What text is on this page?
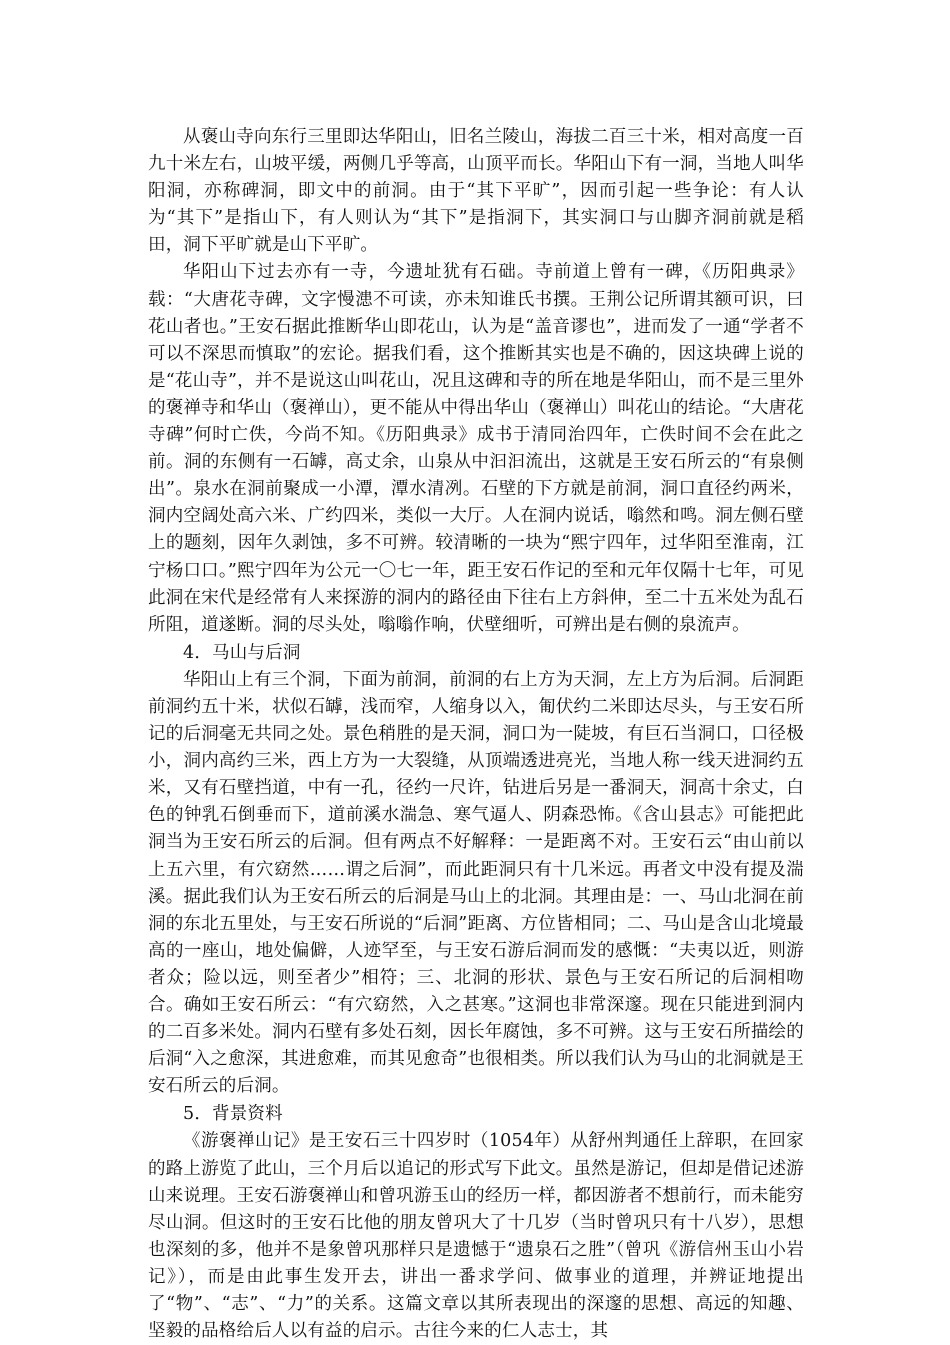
从褒山寺向东行三里即达华阳山，旧名兰陵山，海拔二百三十米，相对高度一百九十米左右，山坡平缓，两侧几乎等高，山顶平而长。华阳山下有一洞，当地人叫华阳洞，亦称碑洞，即文中的前洞。由于“其下平旷”，因而引起一些争论：有人认为“其下”是指山下，有人则认为“其下”是指洞下，其实洞口与山脚齐洞前就是稻田，洞下平旷就是山下平旷。

华阳山下过去亦有一寺，今遗址犹有石础。寺前道上曾有一碑，《历阳典录》载：“大唐花寺碑，文字慢漶不可读，亦未知谁氏书撰。王荆公记所谓其额可识，曰花山者也。”王安石据此推断华山即花山，认为是“盖音谬也”，进而发了一通“学者不可以不深思而慎取”的宏论。据我们看，这个推断其实也是不确的，因这块碑上说的是“花山寺”，并不是说这山叫花山，况且这碑和寺的所在地是华阳山，而不是三里外的褒禅寺和华山（褒禅山），更不能从中得出华山（褒禅山）叫花山的结论。“大唐花寺碑”何时亡佚，今尚不知。《历阳典录》成书于清同治四年，亡佚时间不会在此之前。洞的东侧有一石罅，高丈余，山泉从中汩汩流出，这就是王安石所云的“有泉侧出”。泉水在洞前聚成一小潭，潭水清冽。石壁的下方就是前洞，洞口直径约两米，洞内空阔处高六米、广约四米，类似一大厅。人在洞内说话，嗡然和鸣。洞左侧石壁上的题刻，因年久剥蚀，多不可辨。较清晰的一块为“熙宁四年，过华阳至淮南，江宁杨口口。”熙宁四年为公元一〇七一年，距王安石作记的至和元年仅隔十七年，可见此洞在宋代是经常有人来探游的洞内的路径由下往右上方斜伸，至二十五米处为乱石所阻，道遂断。洞的尽头处，嗡嗡作响，伏壁细听，可辨出是右侧的泉流声。

4．马山与后洞

华阳山上有三个洞，下面为前洞，前洞的右上方为天洞，左上方为后洞。后洞距前洞约五十米，状似石罅，浅而窄，人缩身以入，匍伏约二米即达尽头，与王安石所记的后洞毫无共同之处。景色稍胜的是天洞，洞口为一陡坡，有巨石当洞口，口径极小，洞内高约三米，西上方为一大裂缝，从顶端透进亮光，当地人称一线天进洞约五米，又有石壁挡道，中有一孔，径约一尺许，钻进后另是一番洞天，洞高十余丈，白色的钟乳石倒垂而下，道前溪水湍急、寒气逼人、阴森恐怖。《含山县志》可能把此洞当为王安石所云的后洞。但有两点不好解释：一是距离不对。王安石云“由山前以上五六里，有穴窈然……谓之后洞”，而此距洞只有十几米远。再者文中没有提及湍溪。据此我们认为王安石所云的后洞是马山上的北洞。其理由是：一、马山北洞在前洞的东北五里处，与王安石所说的“后洞”距离、方位皆相同；二、马山是含山北境最高的一座山，地处偏僻，人迹罕至，与王安石游后洞而发的感慨：“夫夷以近，则游者众；险以远，则至者少”相符；三、北洞的形状、景色与王安石所记的后洞相吻合。确如王安石所云：“有穴窈然，入之甚寒。”这洞也非常深邃。现在只能进到洞内的二百多米处。洞内石壁有多处石刻，因长年腐蚀，多不可辨。这与王安石所描绘的后洞“入之愈深，其进愈难，而其见愈奇”也很相类。所以我们认为马山的北洞就是王安石所云的后洞。

5．背景资料

《游褒禅山记》是王安石三十四岁时（1054年）从舒州判通任上辞职，在回家的路上游览了此山，三个月后以追记的形式写下此文。虽然是游记，但却是借记述游山来说理。王安石游褒禅山和曾巩游玉山的经历一样，都因游者不想前行，而未能穷尽山洞。但这时的王安石比他的朋友曾巩大了十几岁（当时曾巩只有十八岁），思想也深刻的多，他并不是象曾巩那样只是遗憾于“遗泉石之胜”（曾巩《游信州玉山小岩记》），而是由此事生发开去，讲出一番求学问、做事业的道理，并辨证地提出了“物”、“志”、“力”的关系。这篇文章以其所表现出的深邃的思想、高远的知趣、坚毅的品格给后人以有益的启示。古往今来的仁人志士，其
